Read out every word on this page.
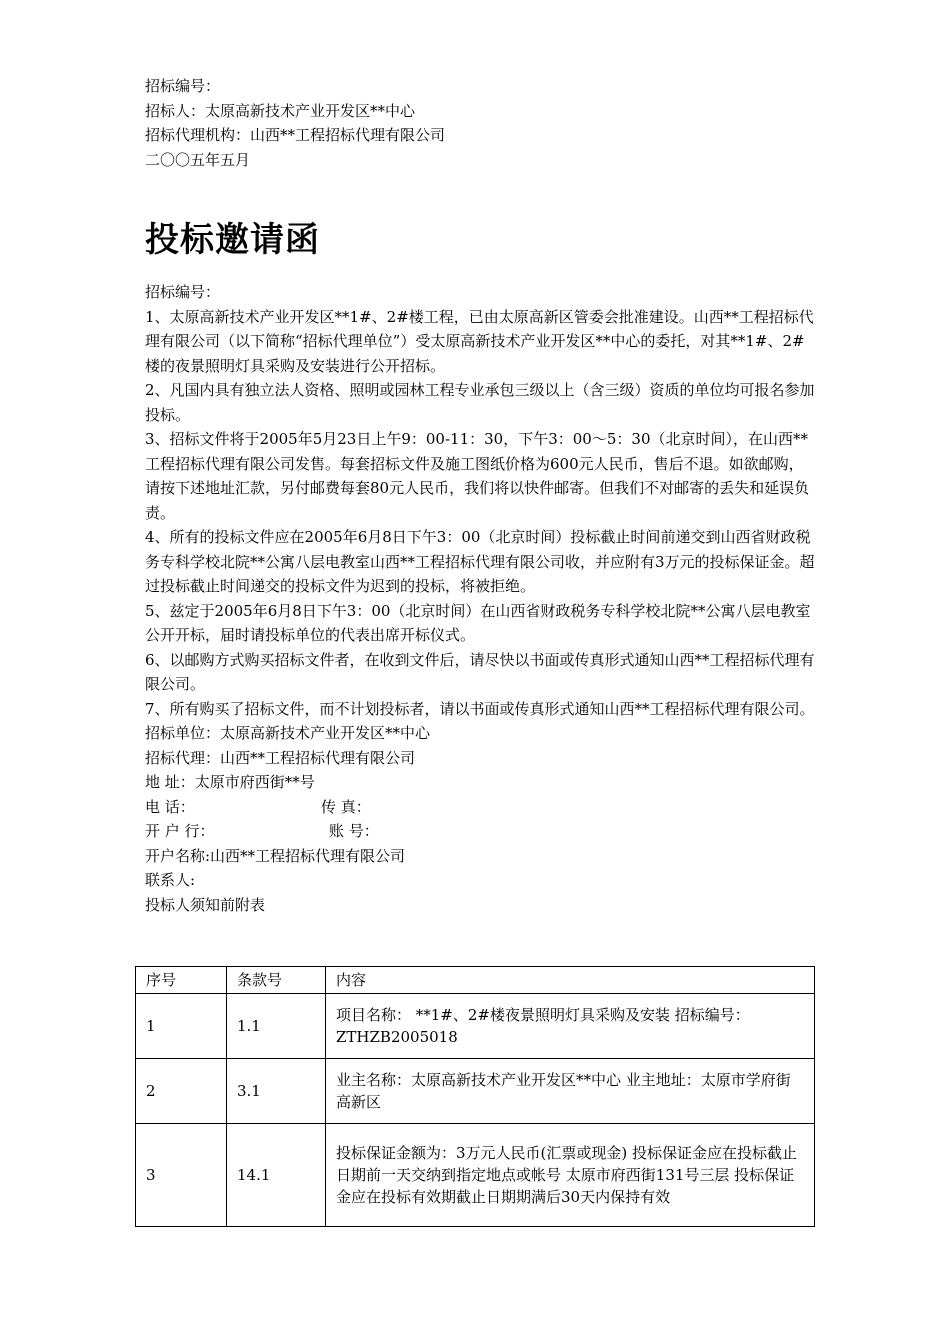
招标编号：
招标人：太原高新技术产业开发区**中心
招标代理机构：山西**工程招标代理有限公司
二〇〇五年五月
投标邀请函
招标编号：
1、太原高新技术产业开发区**1#、2#楼工程，已由太原高新区管委会批准建设。山西**工程招标代理有限公司（以下简称“招标代理单位”）受太原高新技术产业开发区**中心的委托，对其**1#、2#楼的夜景照明灯具采购及安装进行公开招标。
2、凡国内具有独立法人资格、照明或园林工程专业承包三级以上（含三级）资质的单位均可报名参加投标。
3、招标文件将于2005年5月23日上午9：00-11：30，下午3：00～5：30（北京时间），在山西**工程招标代理有限公司发售。每套招标文件及施工图纸价格为600元人民币，售后不退。如欲邮购，请按下述地址汇款，另付邮费每套80元人民币，我们将以快件邮寄。但我们不对邮寄的丢失和延误负责。
4、所有的投标文件应在2005年6月8日下午3：00（北京时间）投标截止时间前递交到山西省财政税务专科学校北院**公寓八层电教室山西**工程招标代理有限公司收，并应附有3万元的投标保证金。超过投标截止时间递交的投标文件为迟到的投标，将被拒绝。
5、兹定于2005年6月8日下午3：00（北京时间）在山西省财政税务专科学校北院**公寓八层电教室公开开标，届时请投标单位的代表出席开标仪式。
6、以邮购方式购买招标文件者，在收到文件后，请尽快以书面或传真形式通知山西**工程招标代理有限公司。
7、所有购买了招标文件，而不计划投标者，请以书面或传真形式通知山西**工程招标代理有限公司。
招标单位：太原高新技术产业开发区**中心
招标代理：山西**工程招标代理有限公司
地 址：太原市府西街**号
电 话：	传 真：
开 户 行：	账 号：
开户名称:山西**工程招标代理有限公司
联系人:
投标人须知前附表
序号	条款号	内容
1	1.1	项目名称： **1#、2#楼夜景照明灯具采购及安装 招标编号：ZTHZB2005018
2	3.1	业主名称：太原高新技术产业开发区**中心 业主地址：太原市学府街高新区
3	14.1	投标保证金额为：3万元人民币(汇票或现金) 投标保证金应在投标截止日期前一天交纳到指定地点或帐号 太原市府西街131号三层 投标保证金应在投标有效期截止日期期满后30天内保持有效
